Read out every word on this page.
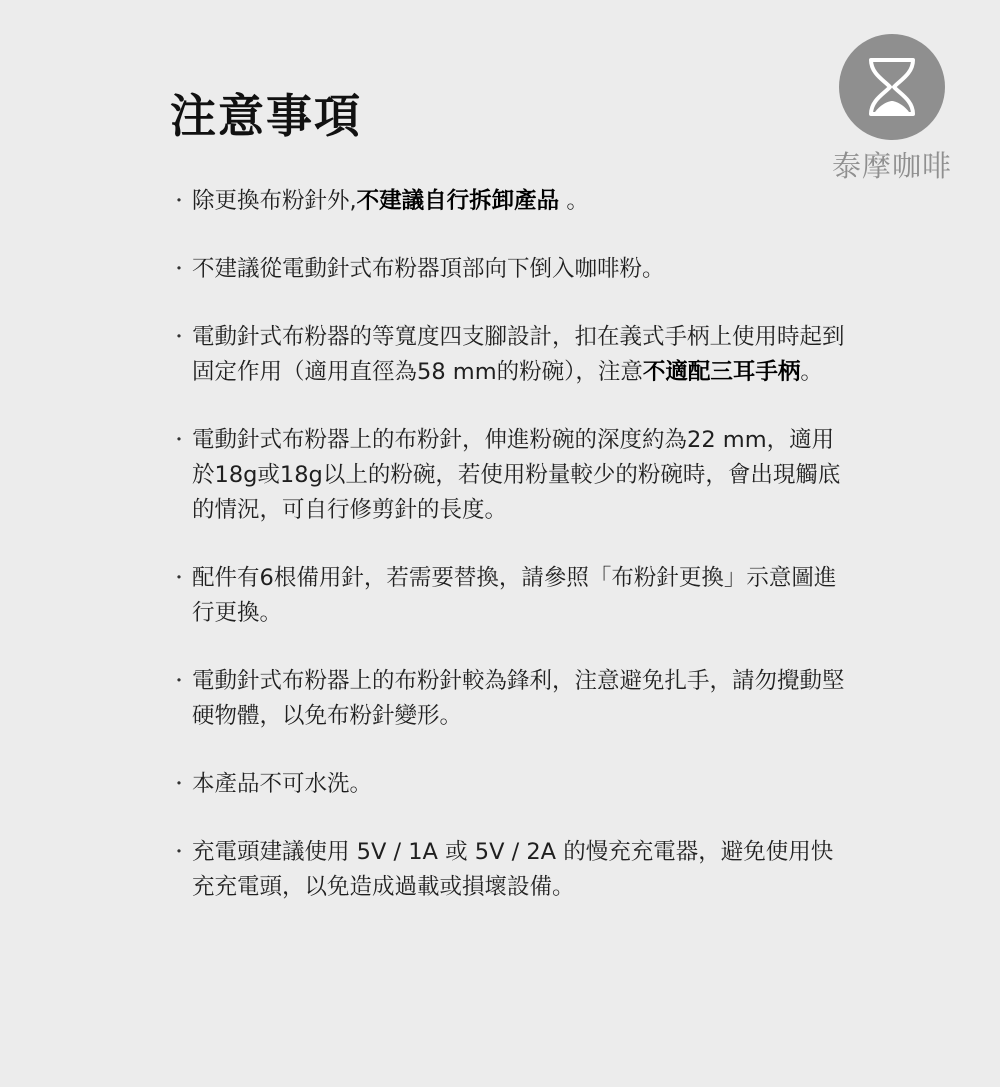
注意事項
泰摩咖啡
・ 除更換布粉針外,不建議自行拆卸產品 。
・ 不建議從電動針式布粉器頂部向下倒入咖啡粉。
・ 電動針式布粉器的等寬度四支腳設計，扣在義式手柄上使用時起到固定作用（適用直徑為58 mm的粉碗），注意不適配三耳手柄。
・ 電動針式布粉器上的布粉針，伸進粉碗的深度約為22 mm，適用於18g或18g以上的粉碗，若使用粉量較少的粉碗時，會出現觸底的情況，可自行修剪針的長度。
・ 配件有6根備用針，若需要替換，請參照「布粉針更換」示意圖進行更換。
・ 電動針式布粉器上的布粉針較為鋒利，注意避免扎手，請勿攪動堅硬物體，以免布粉針變形。
・ 本產品不可水洗。
・ 充電頭建議使用 5V / 1A 或 5V / 2A 的慢充充電器，避免使用快充充電頭，以免造成過載或損壞設備。
